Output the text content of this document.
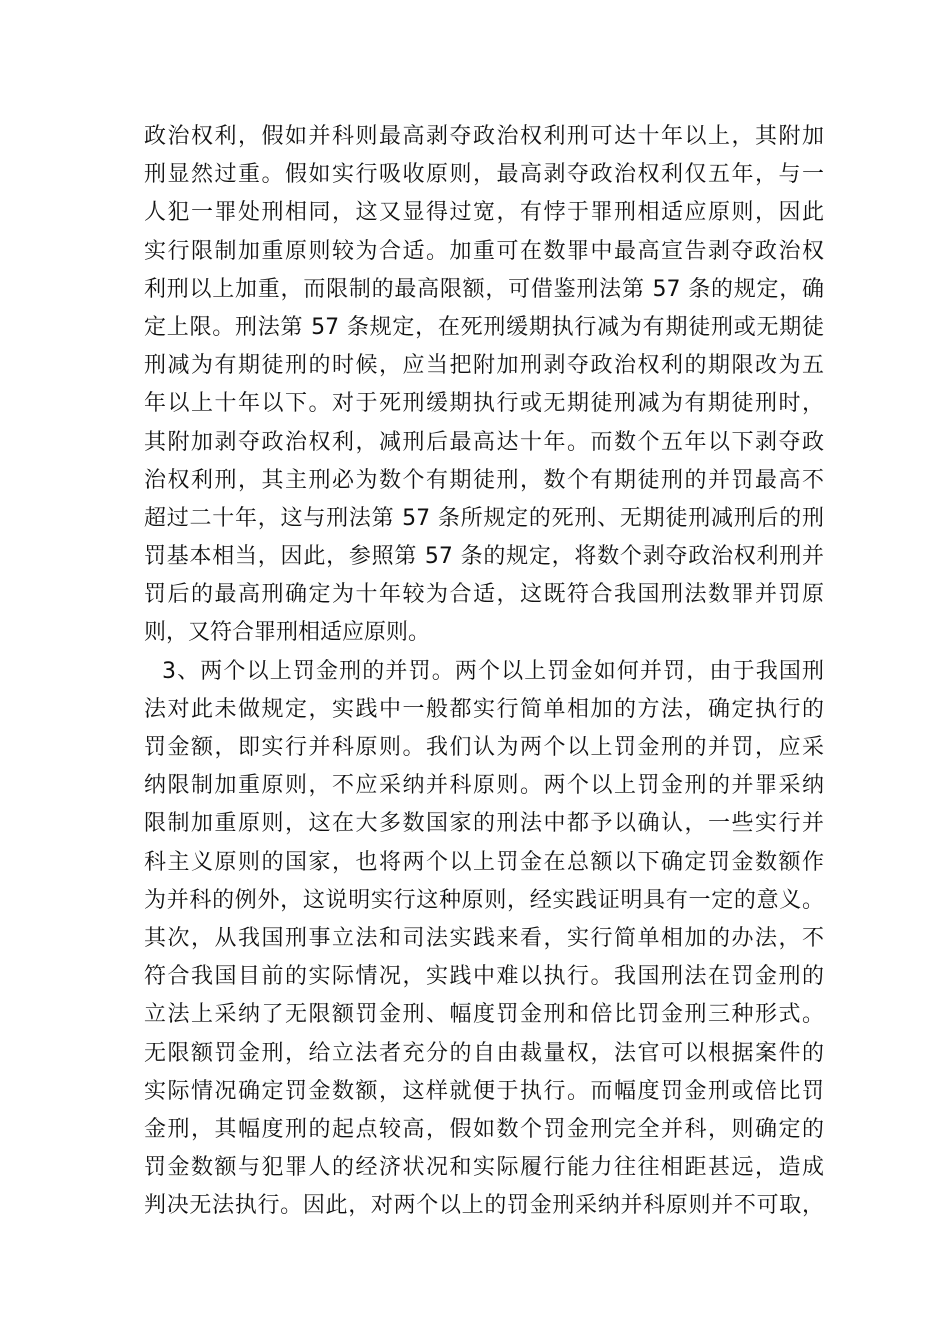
政治权利，假如并科则最高剥夺政治权利刑可达十年以上，其附加
刑显然过重。假如实行吸收原则，最高剥夺政治权利仅五年，与一
人犯一罪处刑相同，这又显得过宽，有悖于罪刑相适应原则，因此
实行限制加重原则较为合适。加重可在数罪中最高宣告剥夺政治权
利刑以上加重，而限制的最高限额，可借鉴刑法第 57 条的规定，确
定上限。刑法第 57 条规定，在死刑缓期执行减为有期徒刑或无期徒
刑减为有期徒刑的时候，应当把附加刑剥夺政治权利的期限改为五
年以上十年以下。对于死刑缓期执行或无期徒刑减为有期徒刑时，
其附加剥夺政治权利，减刑后最高达十年。而数个五年以下剥夺政
治权利刑，其主刑必为数个有期徒刑，数个有期徒刑的并罚最高不
超过二十年，这与刑法第 57 条所规定的死刑、无期徒刑减刑后的刑
罚基本相当，因此，参照第 57 条的规定，将数个剥夺政治权利刑并
罚后的最高刑确定为十年较为合适，这既符合我国刑法数罪并罚原
则，又符合罪刑相适应原则。
3、两个以上罚金刑的并罚。两个以上罚金如何并罚，由于我国刑
法对此未做规定，实践中一般都实行简单相加的方法，确定执行的
罚金额，即实行并科原则。我们认为两个以上罚金刑的并罚，应采
纳限制加重原则，不应采纳并科原则。两个以上罚金刑的并罪采纳
限制加重原则，这在大多数国家的刑法中都予以确认，一些实行并
科主义原则的国家，也将两个以上罚金在总额以下确定罚金数额作
为并科的例外，这说明实行这种原则，经实践证明具有一定的意义。
其次，从我国刑事立法和司法实践来看，实行简单相加的办法，不
符合我国目前的实际情况，实践中难以执行。我国刑法在罚金刑的
立法上采纳了无限额罚金刑、幅度罚金刑和倍比罚金刑三种形式。
无限额罚金刑，给立法者充分的自由裁量权，法官可以根据案件的
实际情况确定罚金数额，这样就便于执行。而幅度罚金刑或倍比罚
金刑，其幅度刑的起点较高，假如数个罚金刑完全并科，则确定的
罚金数额与犯罪人的经济状况和实际履行能力往往相距甚远，造成
判决无法执行。因此，对两个以上的罚金刑采纳并科原则并不可取，
